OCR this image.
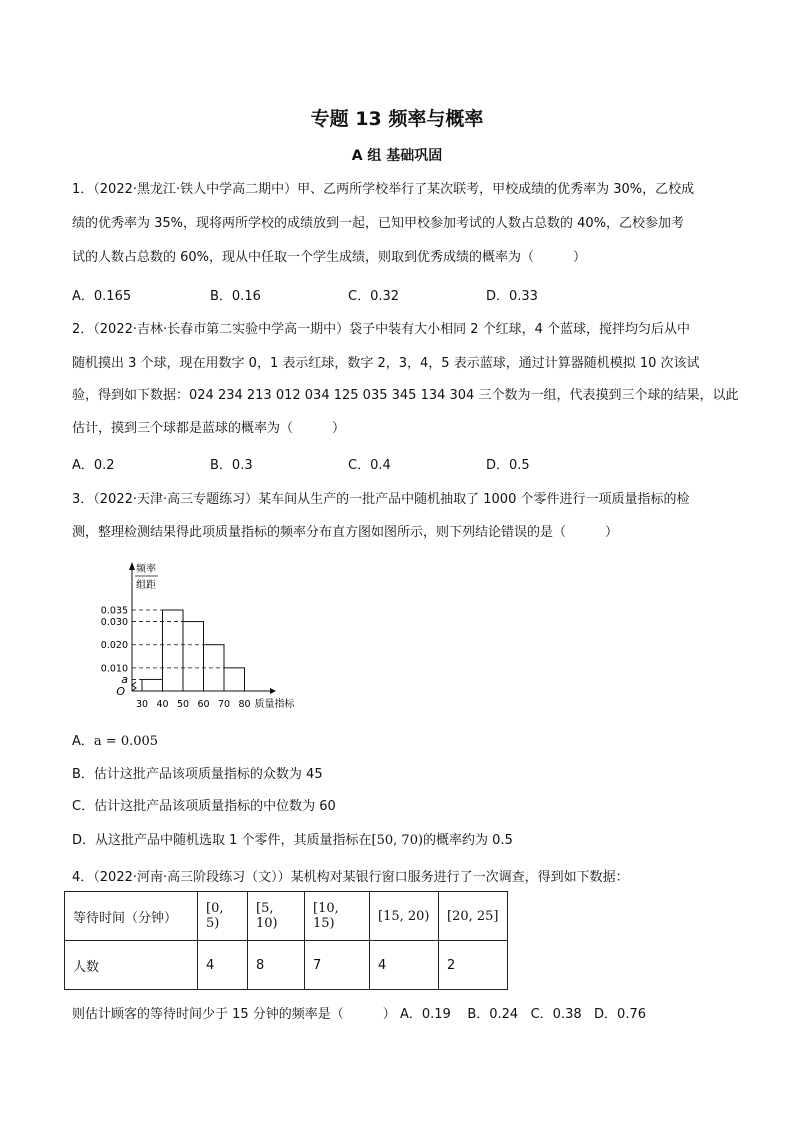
专题 13 频率与概率
A 组 基础巩固
1．（2022·黑龙江·铁人中学高二期中）甲、乙两所学校举行了某次联考，甲校成绩的优秀率为 30%，乙校成
绩的优秀率为 35%，现将两所学校的成绩放到一起，已知甲校参加考试的人数占总数的 40%，乙校参加考
试的人数占总数的 60%，现从中任取一个学生成绩，则取到优秀成绩的概率为（　　　）
A．0.165	B．0.16	C．0.32	D．0.33
2．（2022·吉林·长春市第二实验中学高一期中）袋子中装有大小相同 2 个红球，4 个蓝球，搅拌均匀后从中
随机摸出 3 个球，现在用数字 0，1 表示红球，数字 2，3，4，5 表示蓝球，通过计算器随机模拟 10 次该试
验，得到如下数据：024 234 213 012 034 125 035 345 134 304 三个数为一组，代表摸到三个球的结果，以此
估计，摸到三个球都是蓝球的概率为（　　　）
A．0.2	B．0.3	C．0.4	D．0.5
3．（2022·天津·高三专题练习）某车间从生产的一批产品中随机抽取了 1000 个零件进行一项质量指标的检
测，整理检测结果得此项质量指标的频率分布直方图如图所示，则下列结论错误的是（　　　）
频率
组距
a
0.010
0.020
0.030
0.035
O
30 40 50 60 70 80 质量指标
A．a = 0.005
B．估计这批产品该项质量指标的众数为 45
C．估计这批产品该项质量指标的中位数为 60
D．从这批产品中随机选取 1 个零件，其质量指标在[50, 70)的概率约为 0.5
4．（2022·河南·高三阶段练习（文））某机构对某银行窗口服务进行了一次调查，得到如下数据：
等待时间（分钟）	[0, 5)	[5, 10)	[10, 15)	[15, 20)	[20, 25]
人数	4	8	7	4	2
则估计顾客的等待时间少于 15 分钟的频率是（　　　） A．0.19 B．0.24 C．0.38 D．0.76
